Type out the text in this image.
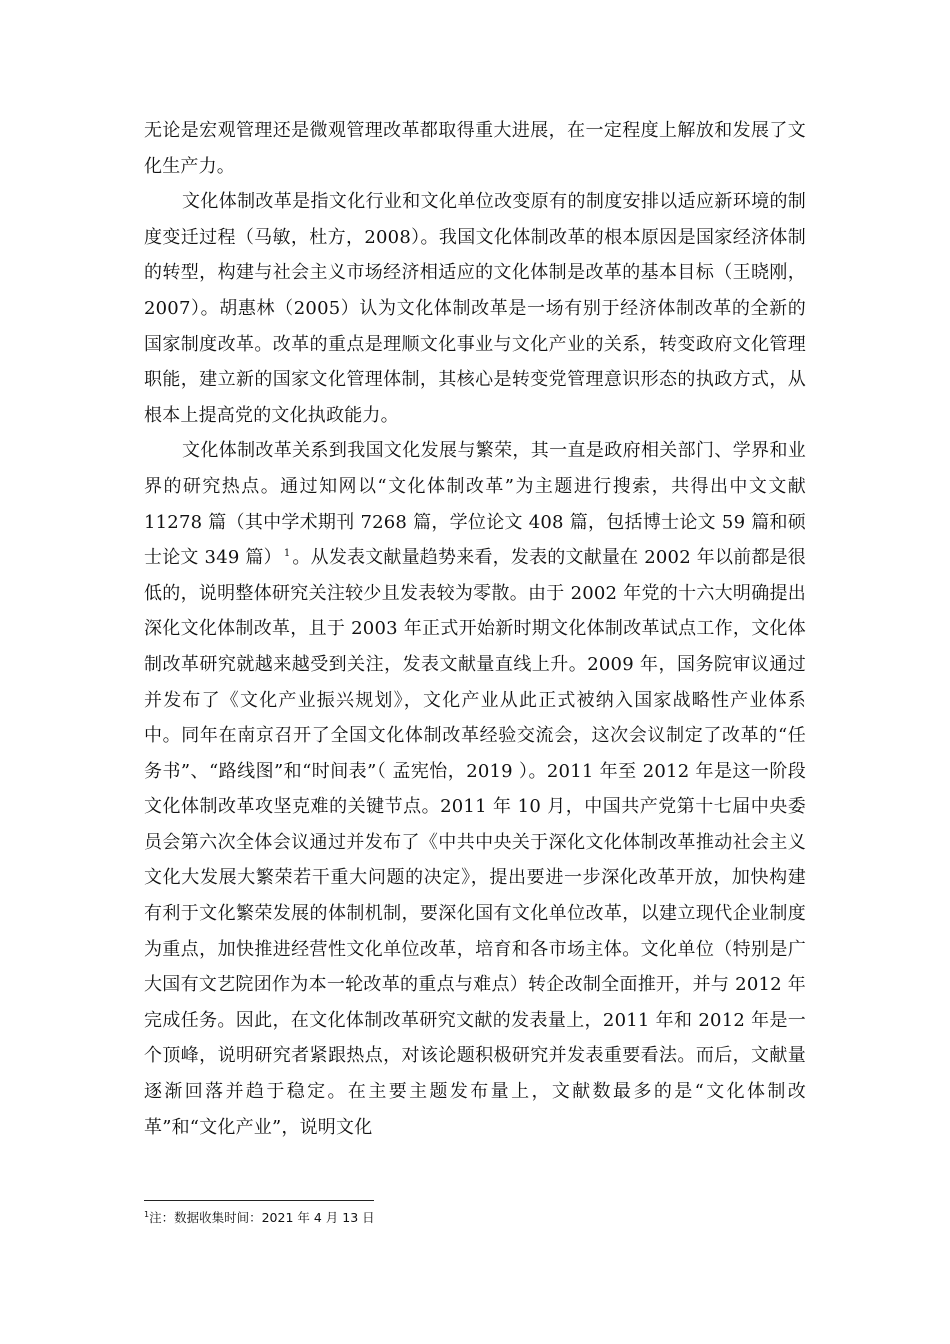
无论是宏观管理还是微观管理改革都取得重大进展，在一定程度上解放和发展了文化生产力。

文化体制改革是指文化行业和文化单位改变原有的制度安排以适应新环境的制度变迁过程（马敏，杜方，2008）。我国文化体制改革的根本原因是国家经济体制的转型，构建与社会主义市场经济相适应的文化体制是改革的基本目标（王晓刚，2007）。胡惠林（2005）认为文化体制改革是一场有别于经济体制改革的全新的国家制度改革。改革的重点是理顺文化事业与文化产业的关系，转变政府文化管理职能，建立新的国家文化管理体制，其核心是转变党管理意识形态的执政方式，从根本上提高党的文化执政能力。

文化体制改革关系到我国文化发展与繁荣，其一直是政府相关部门、学界和业界的研究热点。通过知网以“文化体制改革”为主题进行搜索，共得出中文文献 11278 篇（其中学术期刊 7268 篇，学位论文 408 篇，包括博士论文 59 篇和硕士论文 349 篇） $^1$ 。从发表文献量趋势来看，发表的文献量在 2002 年以前都是很低的，说明整体研究关注较少且发表较为零散。由于 2002 年党的十六大明确提出深化文化体制改革，且于 2003 年正式开始新时期文化体制改革试点工作，文化体制改革研究就越来越受到关注，发表文献量直线上升。2009 年，国务院审议通过并发布了《文化产业振兴规划》，文化产业从此正式被纳入国家战略性产业体系中。同年在南京召开了全国文化体制改革经验交流会，这次会议制定了改革的“任务书”、“路线图”和“时间表”（ 孟宪怡，2019 ）。2011 年至 2012 年是这一阶段文化体制改革攻坚克难的关键节点。2011 年 10 月，中国共产党第十七届中央委员会第六次全体会议通过并发布了《中共中央关于深化文化体制改革推动社会主义文化大发展大繁荣若干重大问题的决定》，提出要进一步深化改革开放，加快构建有利于文化繁荣发展的体制机制，要深化国有文化单位改革，以建立现代企业制度为重点，加快推进经营性文化单位改革，培育和各市场主体。文化单位（特别是广大国有文艺院团作为本一轮改革的重点与难点）转企改制全面推开，并与 2012 年完成任务。因此，在文化体制改革研究文献的发表量上，2011 年和 2012 年是一个顶峰，说明研究者紧跟热点，对该论题积极研究并发表重要看法。而后，文献量逐渐回落并趋于稳定。在主要主题发布量上，文献数最多的是“文化体制改革”和“文化产业”，说明文化

$^1$注：数据收集时间：2021 年 4 月 13 日
